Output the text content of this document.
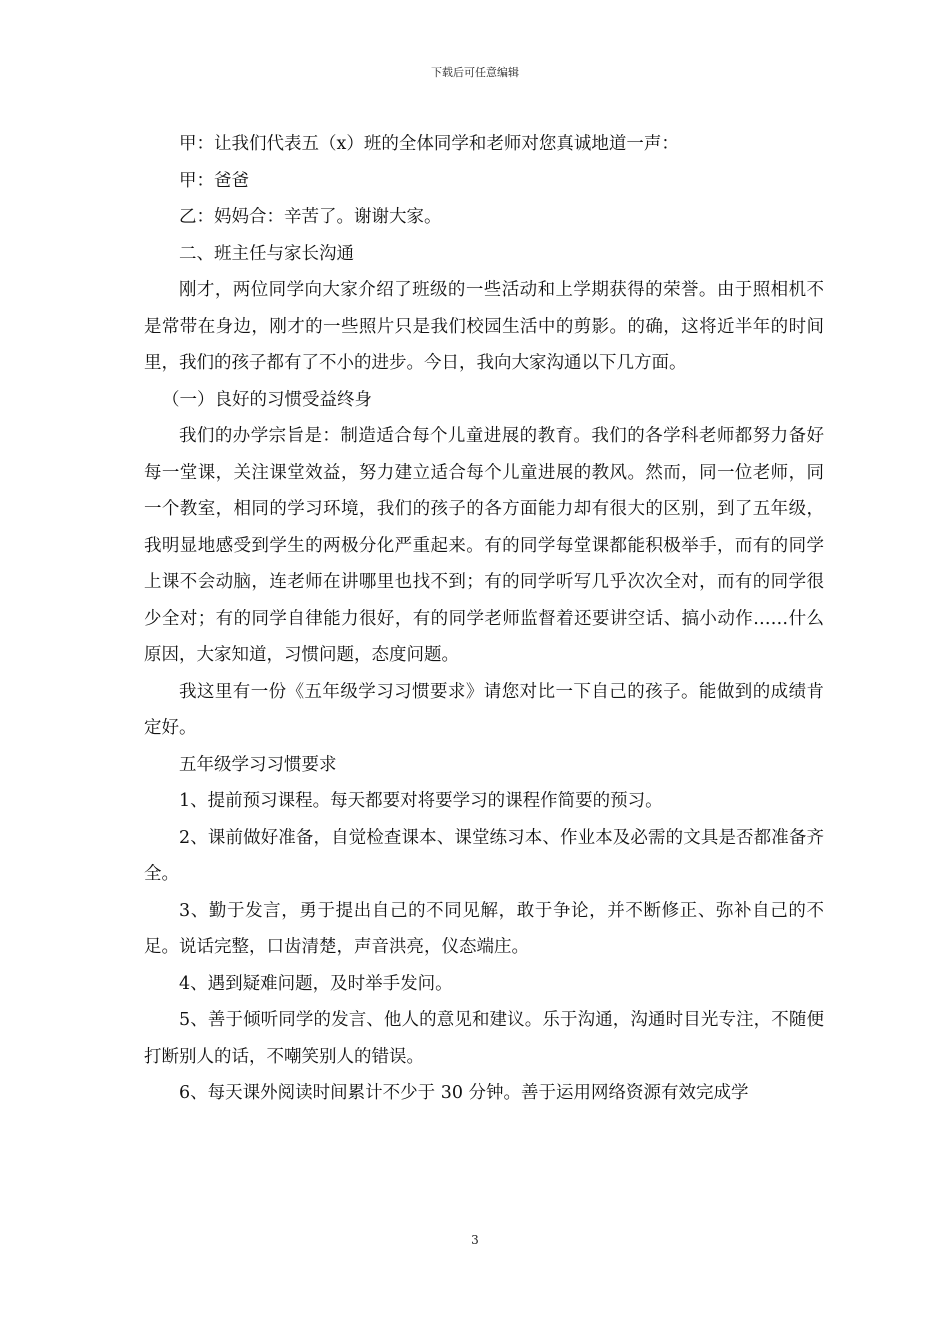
下载后可任意编辑

甲：让我们代表五（x）班的全体同学和老师对您真诚地道一声：

甲：爸爸

乙：妈妈合：辛苦了。谢谢大家。

二、班主任与家长沟通

刚才，两位同学向大家介绍了班级的一些活动和上学期获得的荣誉。由于照相机不是常带在身边，刚才的一些照片只是我们校园生活中的剪影。的确，这将近半年的时间里，我们的孩子都有了不小的进步。今日，我向大家沟通以下几方面。

（一）良好的习惯受益终身

我们的办学宗旨是：制造适合每个儿童进展的教育。我们的各学科老师都努力备好每一堂课，关注课堂效益，努力建立适合每个儿童进展的教风。然而，同一位老师，同一个教室，相同的学习环境，我们的孩子的各方面能力却有很大的区别，到了五年级，我明显地感受到学生的两极分化严重起来。有的同学每堂课都能积极举手，而有的同学上课不会动脑，连老师在讲哪里也找不到；有的同学听写几乎次次全对，而有的同学很少全对；有的同学自律能力很好，有的同学老师监督着还要讲空话、搞小动作……什么原因，大家知道，习惯问题，态度问题。

我这里有一份《五年级学习习惯要求》请您对比一下自己的孩子。能做到的成绩肯定好。

五年级学习习惯要求

1、提前预习课程。每天都要对将要学习的课程作简要的预习。

2、课前做好准备，自觉检查课本、课堂练习本、作业本及必需的文具是否都准备齐全。

3、勤于发言，勇于提出自己的不同见解，敢于争论，并不断修正、弥补自己的不足。说话完整，口齿清楚，声音洪亮，仪态端庄。

4、遇到疑难问题，及时举手发问。

5、善于倾听同学的发言、他人的意见和建议。乐于沟通，沟通时目光专注，不随便打断别人的话，不嘲笑别人的错误。

6、每天课外阅读时间累计不少于 30 分钟。善于运用网络资源有效完成学

3
